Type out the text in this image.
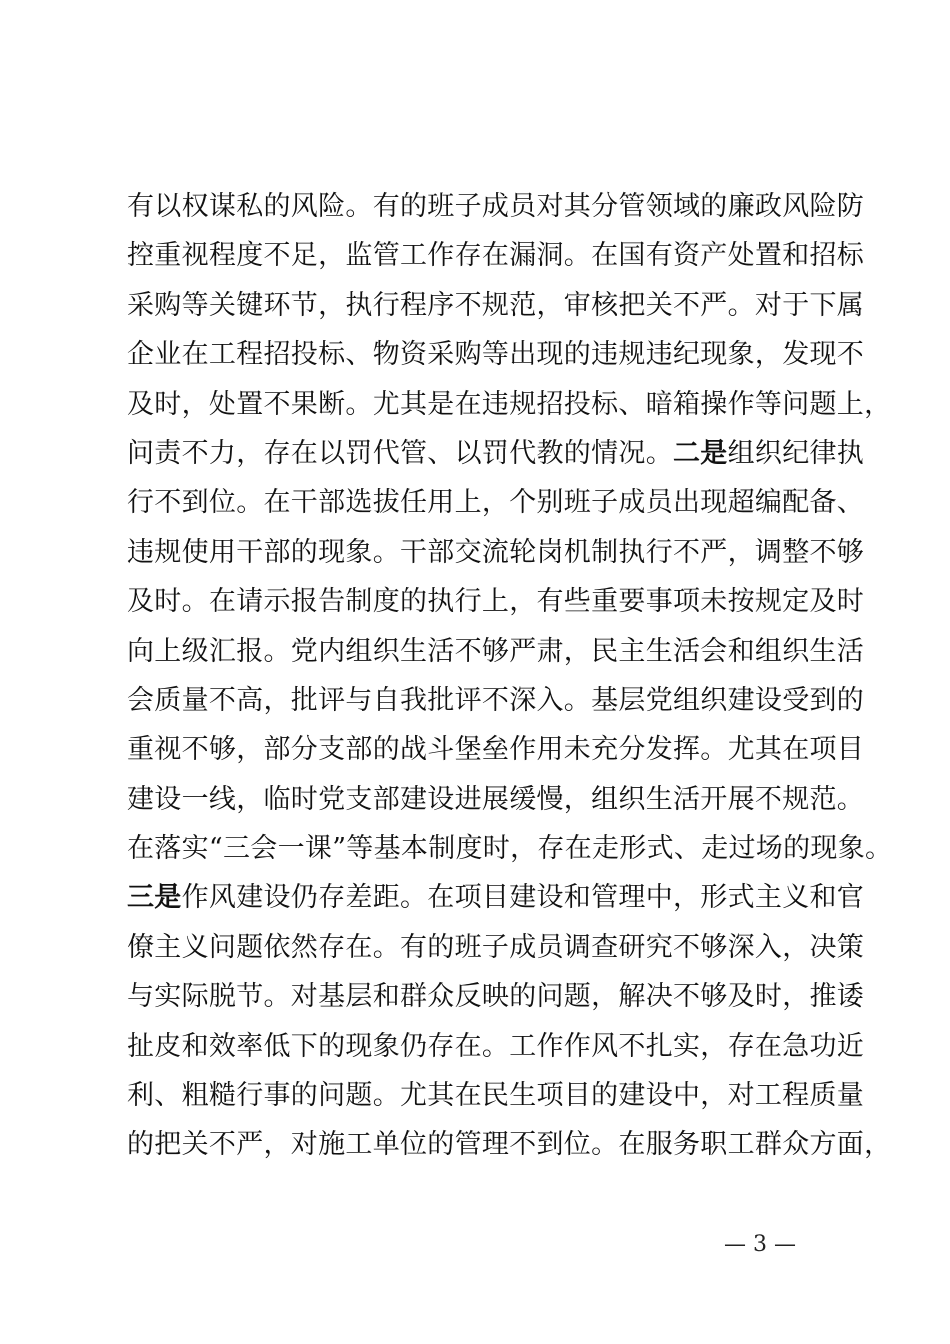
有以权谋私的风险。有的班子成员对其分管领域的廉政风险防
控重视程度不足，监管工作存在漏洞。在国有资产处置和招标
采购等关键环节，执行程序不规范，审核把关不严。对于下属
企业在工程招投标、物资采购等出现的违规违纪现象，发现不
及时，处置不果断。尤其是在违规招投标、暗箱操作等问题上，
问责不力，存在以罚代管、以罚代教的情况。二是组织纪律执
行不到位。在干部选拔任用上，个别班子成员出现超编配备、
违规使用干部的现象。干部交流轮岗机制执行不严，调整不够
及时。在请示报告制度的执行上，有些重要事项未按规定及时
向上级汇报。党内组织生活不够严肃，民主生活会和组织生活
会质量不高，批评与自我批评不深入。基层党组织建设受到的
重视不够，部分支部的战斗堡垒作用未充分发挥。尤其在项目
建设一线，临时党支部建设进展缓慢，组织生活开展不规范。
在落实“三会一课”等基本制度时，存在走形式、走过场的现象。
三是作风建设仍存差距。在项目建设和管理中，形式主义和官
僚主义问题依然存在。有的班子成员调查研究不够深入，决策
与实际脱节。对基层和群众反映的问题，解决不够及时，推诿
扯皮和效率低下的现象仍存在。工作作风不扎实，存在急功近
利、粗糙行事的问题。尤其在民生项目的建设中，对工程质量
的把关不严，对施工单位的管理不到位。在服务职工群众方面，
— 3 —
